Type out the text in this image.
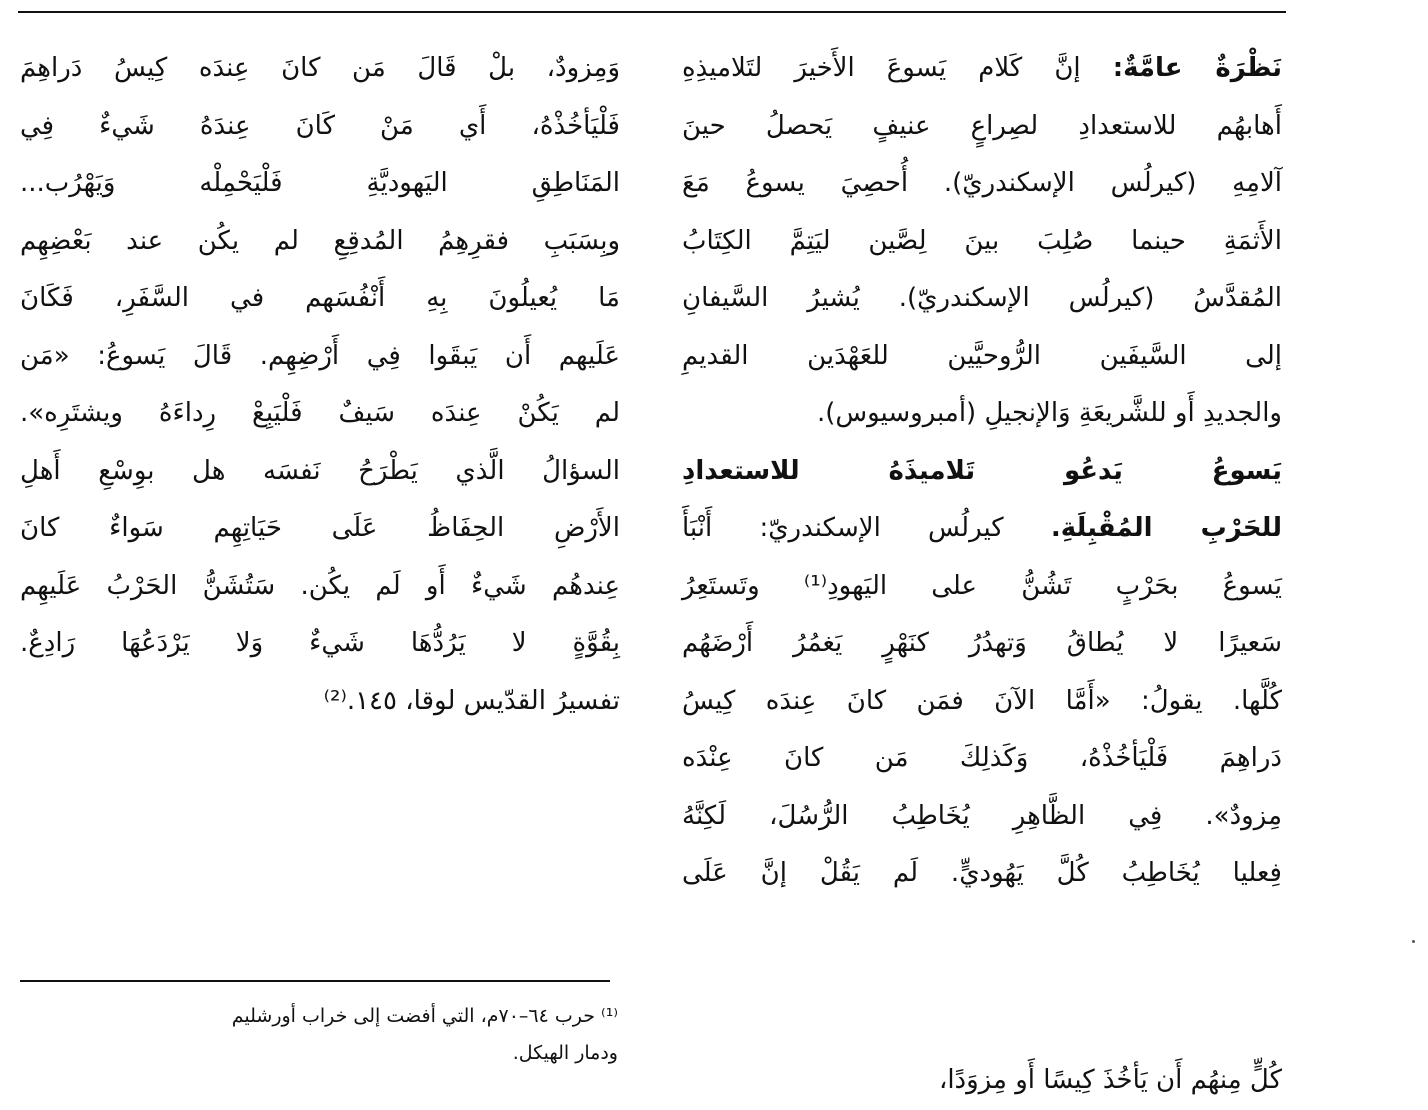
نَظْرَةٌ عامَّةٌ: إنَّ كَلام يَسوعَ الأَخيرَ لتَلاميذِهِ
أَهابهُم للاستعدادِ لصِراعٍ عنيفٍ يَحصلُ حينَ
آلامِهِ (كيرلُس الإسكندريّ). أُحصِيَ يسوعُ مَعَ
الأَثمَةِ حينما صُلِبَ بينَ لِصَّين ليَتِمَّ الكِتَابُ
المُقدَّسُ (كيرلُس الإسكندريّ). يُشيرُ السَّيفانِ
إلى السَّيفَين الرُّوحيَّين للعَهْدَين القديمِ
والجديدِ أَو للشَّريعَةِ وَالإنجيلِ (أمبروسيوس).
يَسوعُ يَدعُو تَلاميذَهُ للاستعدادِ
للحَرْبِ المُقْبِلَةِ. كيرلُس الإسكندريّ: أَنْبَأَ
يَسوعُ بحَرْبٍ تَشُنُّ على اليَهودِ⁽¹⁾ وتَستَعِرُ
سَعيرًا لا يُطاقُ وَتهدُرُ كنَهْرٍ يَغمُرُ أَرْضَهُم
كُلَّها. يقولُ: «أَمَّا الآنَ فمَن كانَ عِندَه كِيسُ
دَراهِمَ فَلْيَأخُذْهُ، وَكَذلِكَ مَن كانَ عِنْدَه
مِزودٌ». فِي الظَّاهِرِ يُخَاطِبُ الرُّسُلَ، لَكِنَّهُ
فِعليا يُخَاطِبُ كُلَّ يَهُوديٍّ. لَم يَقُلْ إنَّ عَلَى
وَمِزودٌ، بلْ قَالَ مَن كانَ عِندَه كِيسُ دَراهِمَ
فَلْيَأخُذْهُ، أَي مَنْ كَانَ عِندَهُ شَيءٌ فِي
المَنَاطِقِ اليَهوديَّةِ فَلْيَحْمِلْه وَيَهْرُب...
وبِسَبَبِ فقرِهِمُ المُدقِعِ لم يكُن عند بَعْضِهِم
مَا يُعيلُونَ بِهِ أَنْفُسَهم في السَّفَرِ، فَكَانَ
عَلَيهم أَن يَبقَوا فِي أَرْضِهِم. قَالَ يَسوعُ: «مَن
لم يَكُنْ عِندَه سَيفٌ فَلْيَبِعْ رِداءَهُ ويشتَرِه».
السؤالُ الَّذي يَطْرَحُ نَفسَه هل بوِسْعِ أَهلِ
الأَرْضِ الحِفَاظُ عَلَى حَيَاتِهِم سَواءٌ كانَ
عِندهُم شَيءٌ أَو لَم يكُن. سَتُشَنُّ الحَرْبُ عَلَيهِم
بِقُوَّةٍ لا يَرُدُّهَا شَيءٌ وَلا يَرْدَعُهَا رَادِعٌ.
تفسيرُ القدّيس لوقا، ١٤٥.⁽²⁾
كُلٍّ مِنهُم أَن يَأخُذَ كِيسًا أَو مِزوَدًا،
⁽¹⁾ حرب ٦٤–٧٠م، التي أفضت إلى خراب أورشليم
ودمار الهيكل.
